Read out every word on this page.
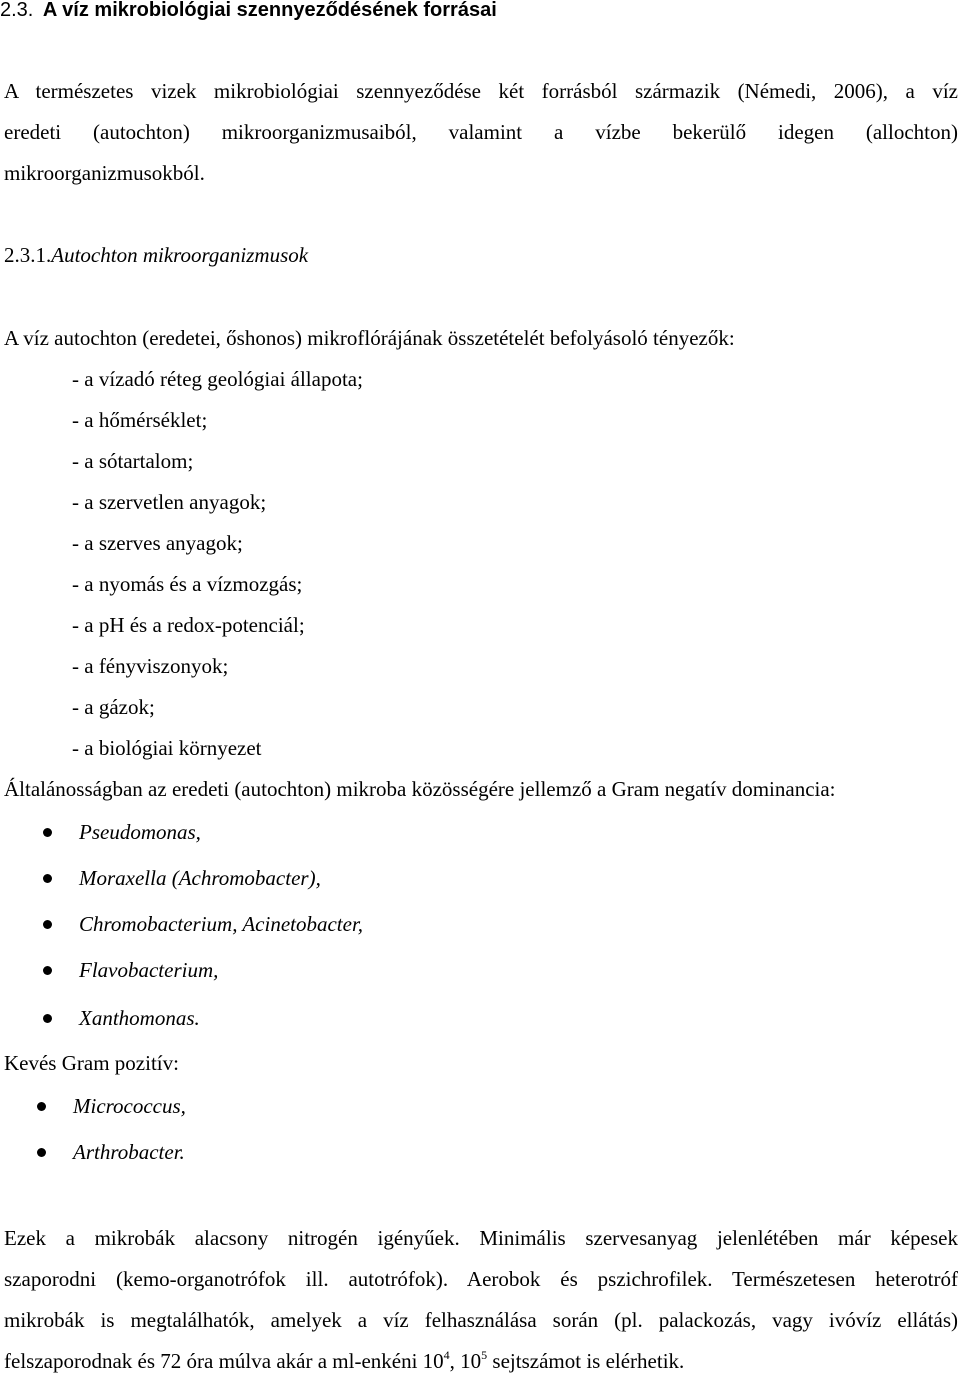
2.3. A víz mikrobiológiai szennyeződésének forrásai
A természetes vizek mikrobiológiai szennyeződése két forrásból származik (Némedi, 2006), a víz
eredeti (autochton) mikroorganizmusaiból, valamint a vízbe bekerülő idegen (allochton)
mikroorganizmusokból.
2.3.1.Autochton mikroorganizmusok
A víz autochton (eredetei, őshonos) mikroflórájának összetételét befolyásoló tényezők:
- a vízadó réteg geológiai állapota;
- a hőmérséklet;
- a sótartalom;
- a szervetlen anyagok;
- a szerves anyagok;
- a nyomás és a vízmozgás;
- a pH és a redox-potenciál;
- a fényviszonyok;
- a gázok;
- a biológiai környezet
Általánosságban az eredeti (autochton) mikroba közösségére jellemző a Gram negatív dominancia:
Pseudomonas,
Moraxella (Achromobacter),
Chromobacterium, Acinetobacter,
Flavobacterium,
Xanthomonas.
Kevés Gram pozitív:
Micrococcus,
Arthrobacter.
Ezek a mikrobák alacsony nitrogén igényűek. Minimális szervesanyag jelenlétében már képesek
szaporodni (kemo-organotrófok ill. autotrófok). Aerobok és pszichrofilek. Természetesen heterotróf
mikrobák is megtalálhatók, amelyek a víz felhasználása során (pl. palackozás, vagy ivóvíz ellátás)
felszaporodnak és 72 óra múlva akár a ml-enkéni $10^4$, $10^5$ sejtszámot is elérhetik.
